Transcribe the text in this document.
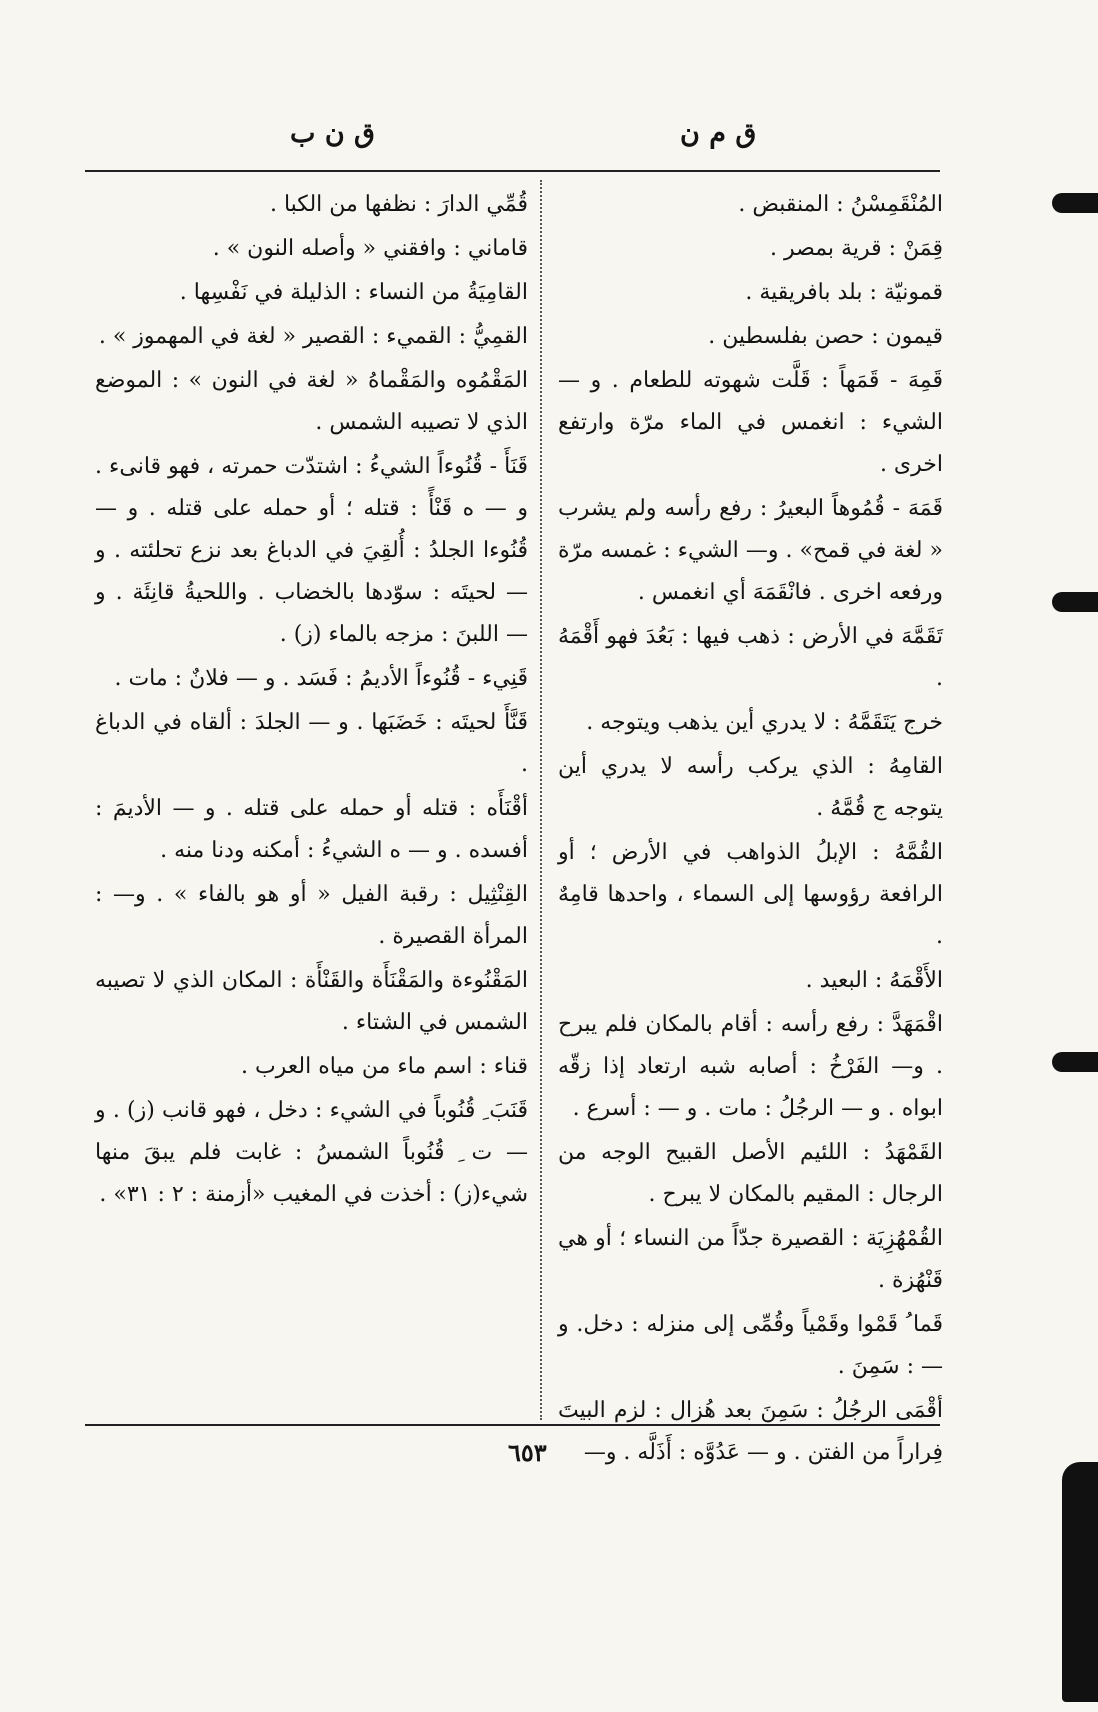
ق م ن
ق ن ب

المُنْقَمِسْنُ : المنقبض .

قِمَنْ : قرية بمصر .

قمونيّة : بلد بافريقية .

قيمون : حصن بفلسطين .

قَمِهَ - قَمَهاً : قَلَّت شهوته للطعام . و — الشيء : انغمس في الماء مرّة وارتفع اخرى .

قَمَهَ - قُمُوهاً البعيرُ : رفع رأسه ولم يشرب « لغة في قمح» . و— الشيء : غمسه مرّة ورفعه اخرى . فانْقَمَهَ أي انغمس .

تَقَمَّهَ في الأرض : ذهب فيها : بَعُدَ فهو أَقْمَهُ .

خرج يَتَقَمَّهُ : لا يدري أين يذهب ويتوجه .

القامِهُ : الذي يركب رأسه لا يدري أين يتوجه ج قُمَّهُ .

القُمَّهُ : الإبلُ الذواهب في الأرض ؛ أو الرافعة رؤوسها إلى السماء ، واحدها قامِهٌ .

الأَقْمَهُ : البعيد .

اقْمَهَدَّ : رفع رأسه : أقام بالمكان فلم يبرح . و— الفَرْخُ : أصابه شبه ارتعاد إذا زقّه ابواه . و — الرجُلُ : مات . و — : أسرع .

القَمْهَدُ : اللئيم الأصل القبيح الوجه من الرجال : المقيم بالمكان لا يبرح .

القُمْهُزِيَة : القصيرة جدّاً من النساء ؛ أو هي قَنْهُزة .

قَما ُ قَمْوا وقَمْياً وقُمِّى إلى منزله : دخل. و — : سَمِنَ .

أقْمَى الرجُلُ : سَمِنَ بعد هُزال : لزم البيتَ فِراراً من الفتن . و — عَدُوَّه : أَذَلَّه . و—

قُمِّي الدارَ : نظفها من الكبا .

قاماني : وافقني « وأصله النون » .

القامِيَةُ من النساء : الذليلة في نَفْسِها .

القمِيُّ : القميء : القصير « لغة في المهموز » .

المَقْمُوه والمَقْماهُ « لغة في النون » : الموضع الذي لا تصيبه الشمس .

قَنَأَ - قُنُوءاً الشيءُ : اشتدّت حمرته ، فهو قانىء . و — ه قَنْأً : قتله ؛ أو حمله على قتله . و — قُنُوءا الجلدُ : أُلقِيَ في الدباغ بعد نزع تحلئته . و — لحيتَه : سوّدها بالخضاب . واللحيةُ قانِئَة . و — اللبنَ : مزجه بالماء (ز) .

قَنِيء - قُنُوءاً الأديمُ : فَسَد . و — فلانٌ : مات .

قَنَّأَ لحيتَه : خَضَبَها . و — الجلدَ : ألقاه في الدباغ .

أقْنَأَه : قتله أو حمله على قتله . و — الأديمَ : أفسده . و — ه الشيءُ : أمكنه ودنا منه .

القِنْثِيل : رقبة الفيل « أو هو بالفاء » . و— : المرأة القصيرة .

المَقْنُوءة والمَقْنَأَة والقَنْأَة : المكان الذي لا تصيبه الشمس في الشتاء .

قناء : اسم ماء من مياه العرب .

قَنَبَ ِ قُنُوباً في الشيء : دخل ، فهو قانب (ز) . و — ت ِ قُنُوباً الشمسُ : غابت فلم يبقَ منها شيء(ز) : أخذت في المغيب «أزمنة : ٢ : ٣١» .

٦٥٣
